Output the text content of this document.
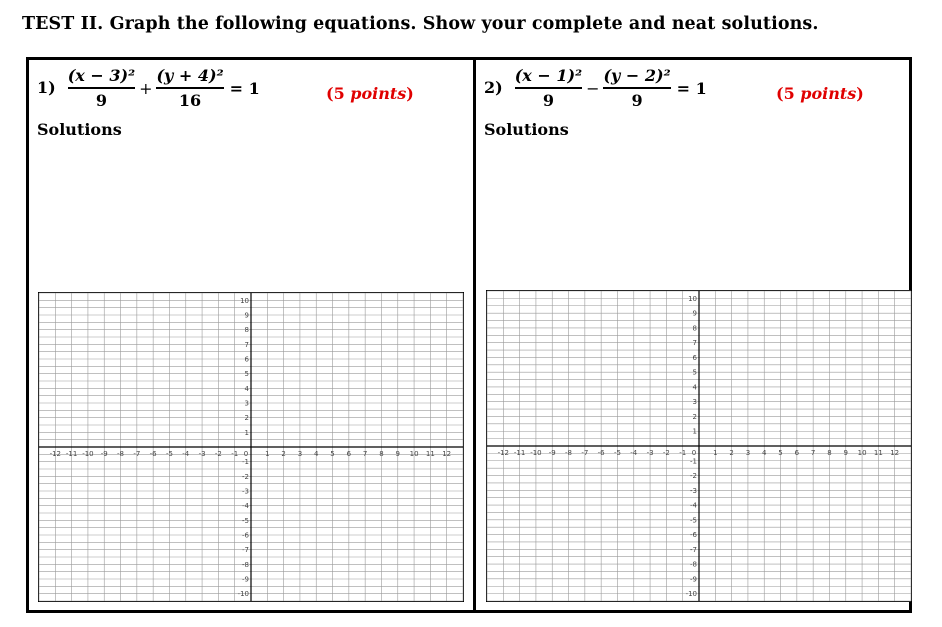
TEST II. Graph the following equations. Show your complete and neat solutions.
$1) \frac{\text{(x − 3)²}}{9} + \frac{\text{(y + 4)²}}{16} = 1$	(5 points)
Solutions
-12 -11 -10 -9 -8 -7 -6 -5 -4 -3 -2 -1 0 1 2 3 4 5 6 7 8 9 10 11 12
10
9
8
7
6
5
4
3
2
1
-1
-2
-3
-4
-5
-6
-7
-8
-9
-10
$2) \frac{\text{(x − 1)²}}{9} - \frac{\text{(y − 2)²}}{9} = 1$	(5 points)
Solutions
-12 -11 -10 -9 -8 -7 -6 -5 -4 -3 -2 -1 0 1 2 3 4 5 6 7 8 9 10 11 12
10
9
8
7
6
5
4
3
2
1
-1
-2
-3
-4
-5
-6
-7
-8
-9
-10
